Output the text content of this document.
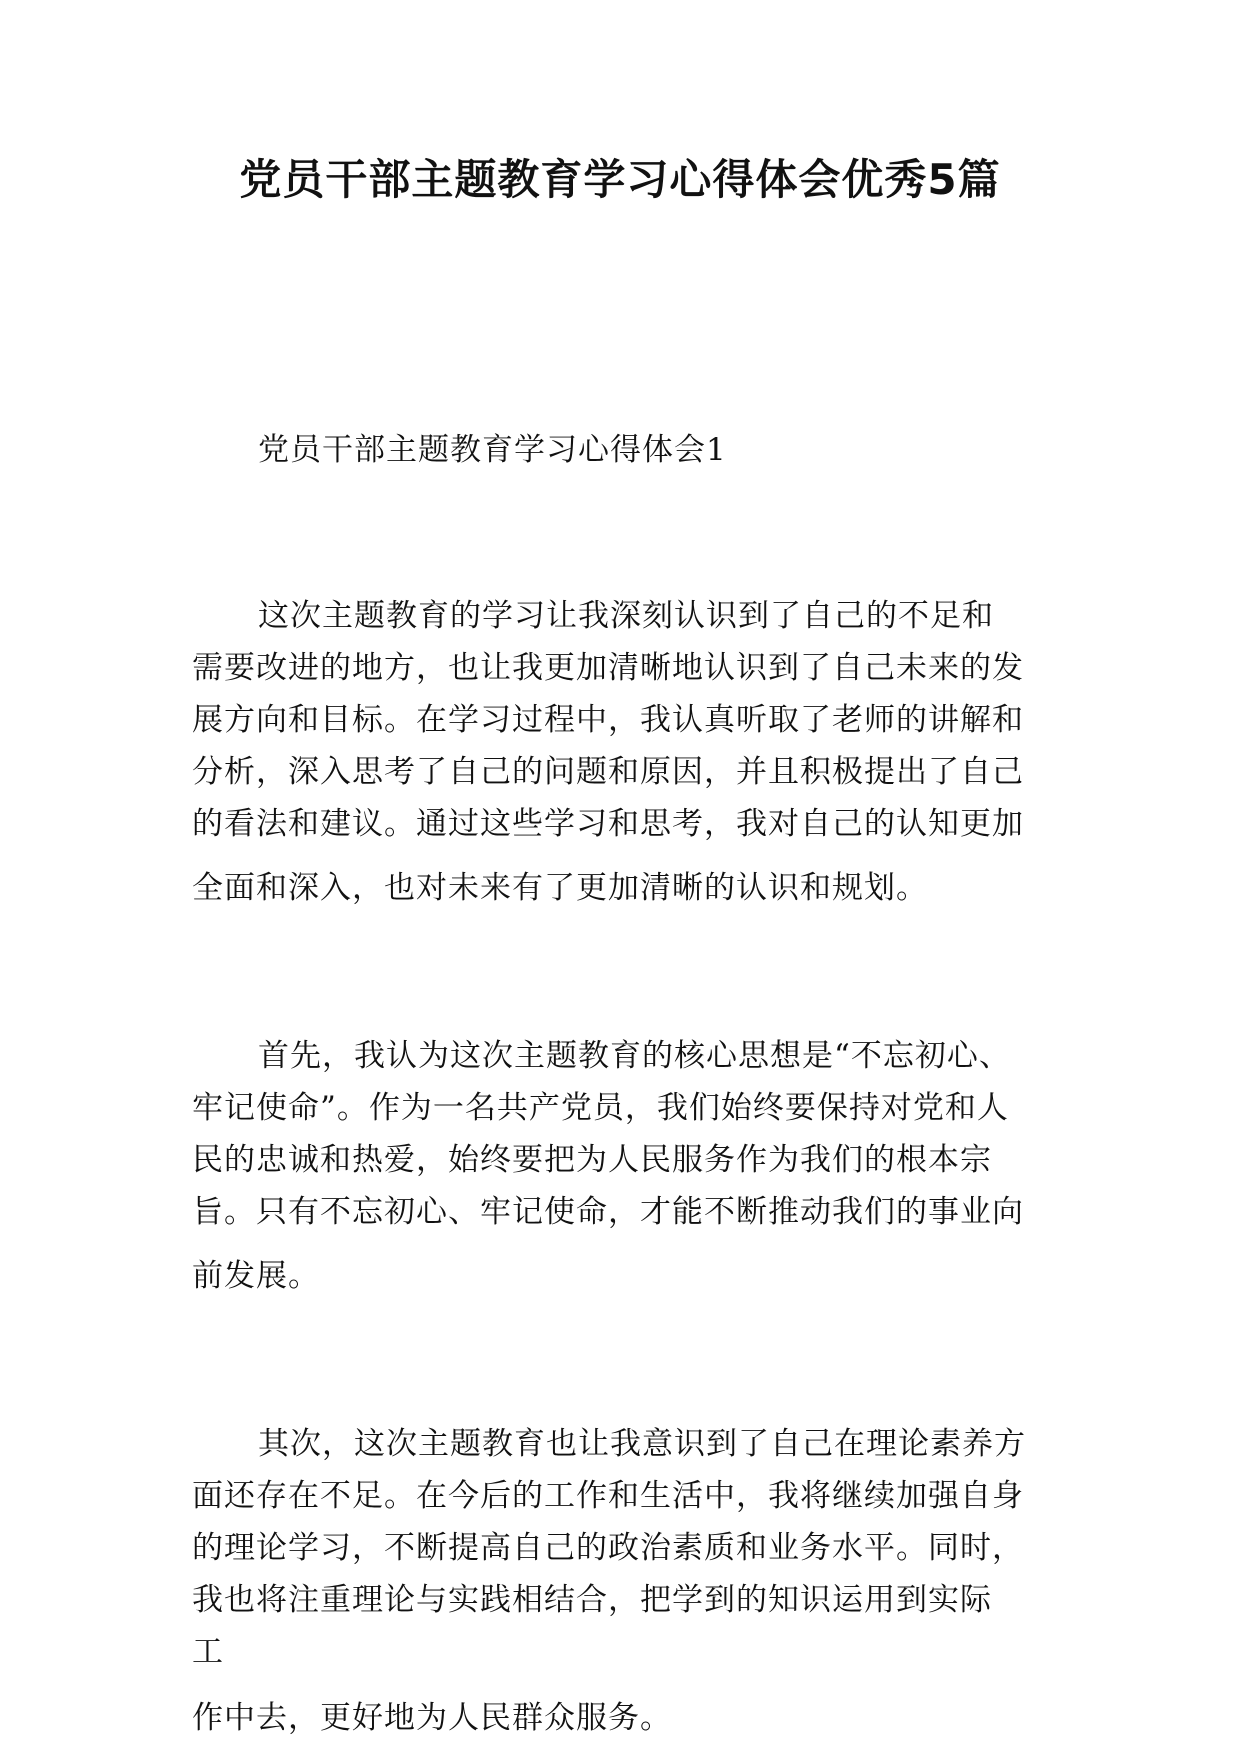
党员干部主题教育学习心得体会优秀5篇

党员干部主题教育学习心得体会1

这次主题教育的学习让我深刻认识到了自己的不足和

需要改进的地方，也让我更加清晰地认识到了自己未来的发

展方向和目标。在学习过程中，我认真听取了老师的讲解和

分析，深入思考了自己的问题和原因，并且积极提出了自己

的看法和建议。通过这些学习和思考，我对自己的认知更加

全面和深入，也对未来有了更加清晰的认识和规划。

首先，我认为这次主题教育的核心思想是“不忘初心、

牢记使命”。作为一名共产党员，我们始终要保持对党和人

民的忠诚和热爱，始终要把为人民服务作为我们的根本宗

旨。只有不忘初心、牢记使命，才能不断推动我们的事业向

前发展。

其次，这次主题教育也让我意识到了自己在理论素养方

面还存在不足。在今后的工作和生活中，我将继续加强自身

的理论学习，不断提高自己的政治素质和业务水平。同时，

我也将注重理论与实践相结合，把学到的知识运用到实际

工

作中去，更好地为人民群众服务。
